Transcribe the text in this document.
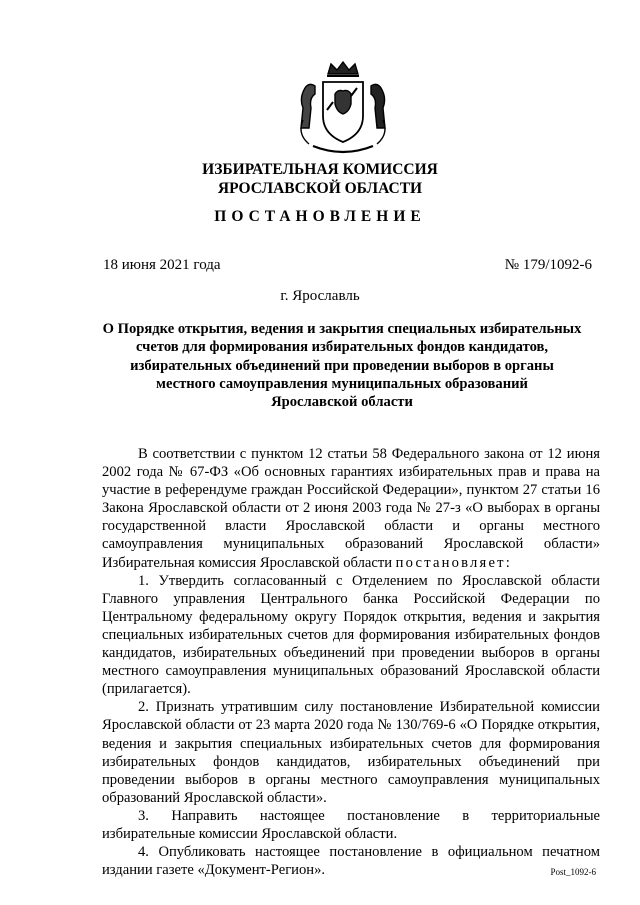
ИЗБИРАТЕЛЬНАЯ КОМИССИЯ
ЯРОСЛАВСКОЙ ОБЛАСТИ
ПОСТАНОВЛЕНИЕ
18 июня 2021 года	№ 179/1092-6
г. Ярославль
О Порядке открытия, ведения и закрытия специальных избирательных
счетов для формирования избирательных фондов кандидатов,
избирательных объединений при проведении выборов в органы
местного самоуправления муниципальных образований
Ярославской области

В соответствии с пунктом 12 статьи 58 Федерального закона от 12 июня 2002 года № 67-ФЗ «Об основных гарантиях избирательных прав и права на участие в референдуме граждан Российской Федерации», пунктом 27 статьи 16 Закона Ярославской области от 2 июня 2003 года № 27-з «О выборах в органы государственной власти Ярославской области и органы местного самоуправления муниципальных образований Ярославской области» Избирательная комиссия Ярославской области постановляет:

1. Утвердить согласованный с Отделением по Ярославской области Главного управления Центрального банка Российской Федерации по Центральному федеральному округу Порядок открытия, ведения и закрытия специальных избирательных счетов для формирования избирательных фондов кандидатов, избирательных объединений при проведении выборов в органы местного самоуправления муниципальных образований Ярославской области (прилагается).

2. Признать утратившим силу постановление Избирательной комиссии Ярославской области от 23 марта 2020 года № 130/769-6 «О Порядке открытия, ведения и закрытия специальных избирательных счетов для формирования избирательных фондов кандидатов, избирательных объединений при проведении выборов в органы местного самоуправления муниципальных образований Ярославской области».

3. Направить настоящее постановление в территориальные избирательные комиссии Ярославской области.

4. Опубликовать настоящее постановление в официальном печатном издании газете «Документ-Регион».	Post_1092-6
